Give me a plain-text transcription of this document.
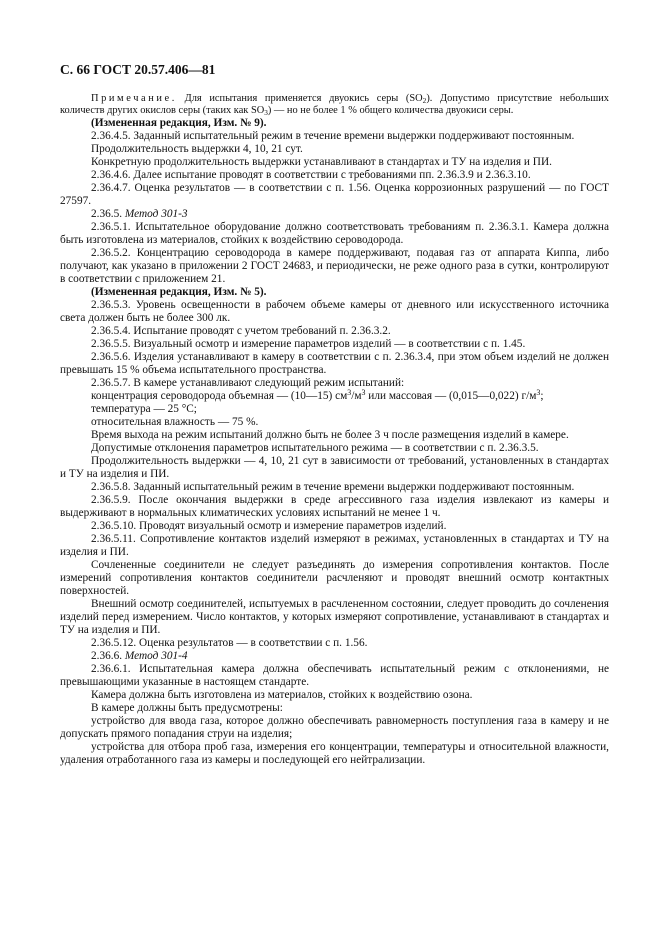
С. 66 ГОСТ 20.57.406—81

Примечание. Для испытания применяется двуокись серы $(SO_2)$. Допустимо присутствие небольших количеств других окислов серы (таких как $SO_3$) — но не более 1 % общего количества двуокиси серы.

(Измененная редакция, Изм. № 9).

2.36.4.5. Заданный испытательный режим в течение времени выдержки поддерживают постоянным.

Продолжительность выдержки 4, 10, 21 сут.

Конкретную продолжительность выдержки устанавливают в стандартах и ТУ на изделия и ПИ.

2.36.4.6. Далее испытание проводят в соответствии с требованиями пп. 2.36.3.9 и 2.36.3.10.

2.36.4.7. Оценка результатов — в соответствии с п. 1.56. Оценка коррозионных разрушений — по ГОСТ 27597.

2.36.5. Метод 301-3

2.36.5.1. Испытательное оборудование должно соответствовать требованиям п. 2.36.3.1. Камера должна быть изготовлена из материалов, стойких к воздействию сероводорода.

2.36.5.2. Концентрацию сероводорода в камере поддерживают, подавая газ от аппарата Киппа, либо получают, как указано в приложении 2 ГОСТ 24683, и периодически, не реже одного раза в сутки, контролируют в соответствии с приложением 21.

(Измененная редакция, Изм. № 5).

2.36.5.3. Уровень освещенности в рабочем объеме камеры от дневного или искусственного источника света должен быть не более 300 лк.

2.36.5.4. Испытание проводят с учетом требований п. 2.36.3.2.

2.36.5.5. Визуальный осмотр и измерение параметров изделий — в соответствии с п. 1.45.

2.36.5.6. Изделия устанавливают в камеру в соответствии с п. 2.36.3.4, при этом объем изделий не должен превышать 15 % объема испытательного пространства.

2.36.5.7. В камере устанавливают следующий режим испытаний:

концентрация сероводорода объемная — (10—15) $см^3/м^3$ или массовая — (0,015—0,022) $г/м^3$;

температура — 25 °С;

относительная влажность — 75 %.

Время выхода на режим испытаний должно быть не более 3 ч после размещения изделий в камере.

Допустимые отклонения параметров испытательного режима — в соответствии с п. 2.36.3.5.

Продолжительность выдержки — 4, 10, 21 сут в зависимости от требований, установленных в стандартах и ТУ на изделия и ПИ.

2.36.5.8. Заданный испытательный режим в течение времени выдержки поддерживают постоянным.

2.36.5.9. После окончания выдержки в среде агрессивного газа изделия извлекают из камеры и выдерживают в нормальных климатических условиях испытаний не менее 1 ч.

2.36.5.10. Проводят визуальный осмотр и измерение параметров изделий.

2.36.5.11. Сопротивление контактов изделий измеряют в режимах, установленных в стандартах и ТУ на изделия и ПИ.

Сочлененные соединители не следует разъединять до измерения сопротивления контактов. После измерений сопротивления контактов соединители расчленяют и проводят внешний осмотр контактных поверхностей.

Внешний осмотр соединителей, испытуемых в расчлененном состоянии, следует проводить до сочленения изделий перед измерением. Число контактов, у которых измеряют сопротивление, устанавливают в стандартах и ТУ на изделия и ПИ.

2.36.5.12. Оценка результатов — в соответствии с п. 1.56.

2.36.6. Метод 301-4

2.36.6.1. Испытательная камера должна обеспечивать испытательный режим с отклонениями, не превышающими указанные в настоящем стандарте.

Камера должна быть изготовлена из материалов, стойких к воздействию озона.

В камере должны быть предусмотрены:

устройство для ввода газа, которое должно обеспечивать равномерность поступления газа в камеру и не допускать прямого попадания струи на изделия;

устройства для отбора проб газа, измерения его концентрации, температуры и относительной влажности, удаления отработанного газа из камеры и последующей его нейтрализации.
